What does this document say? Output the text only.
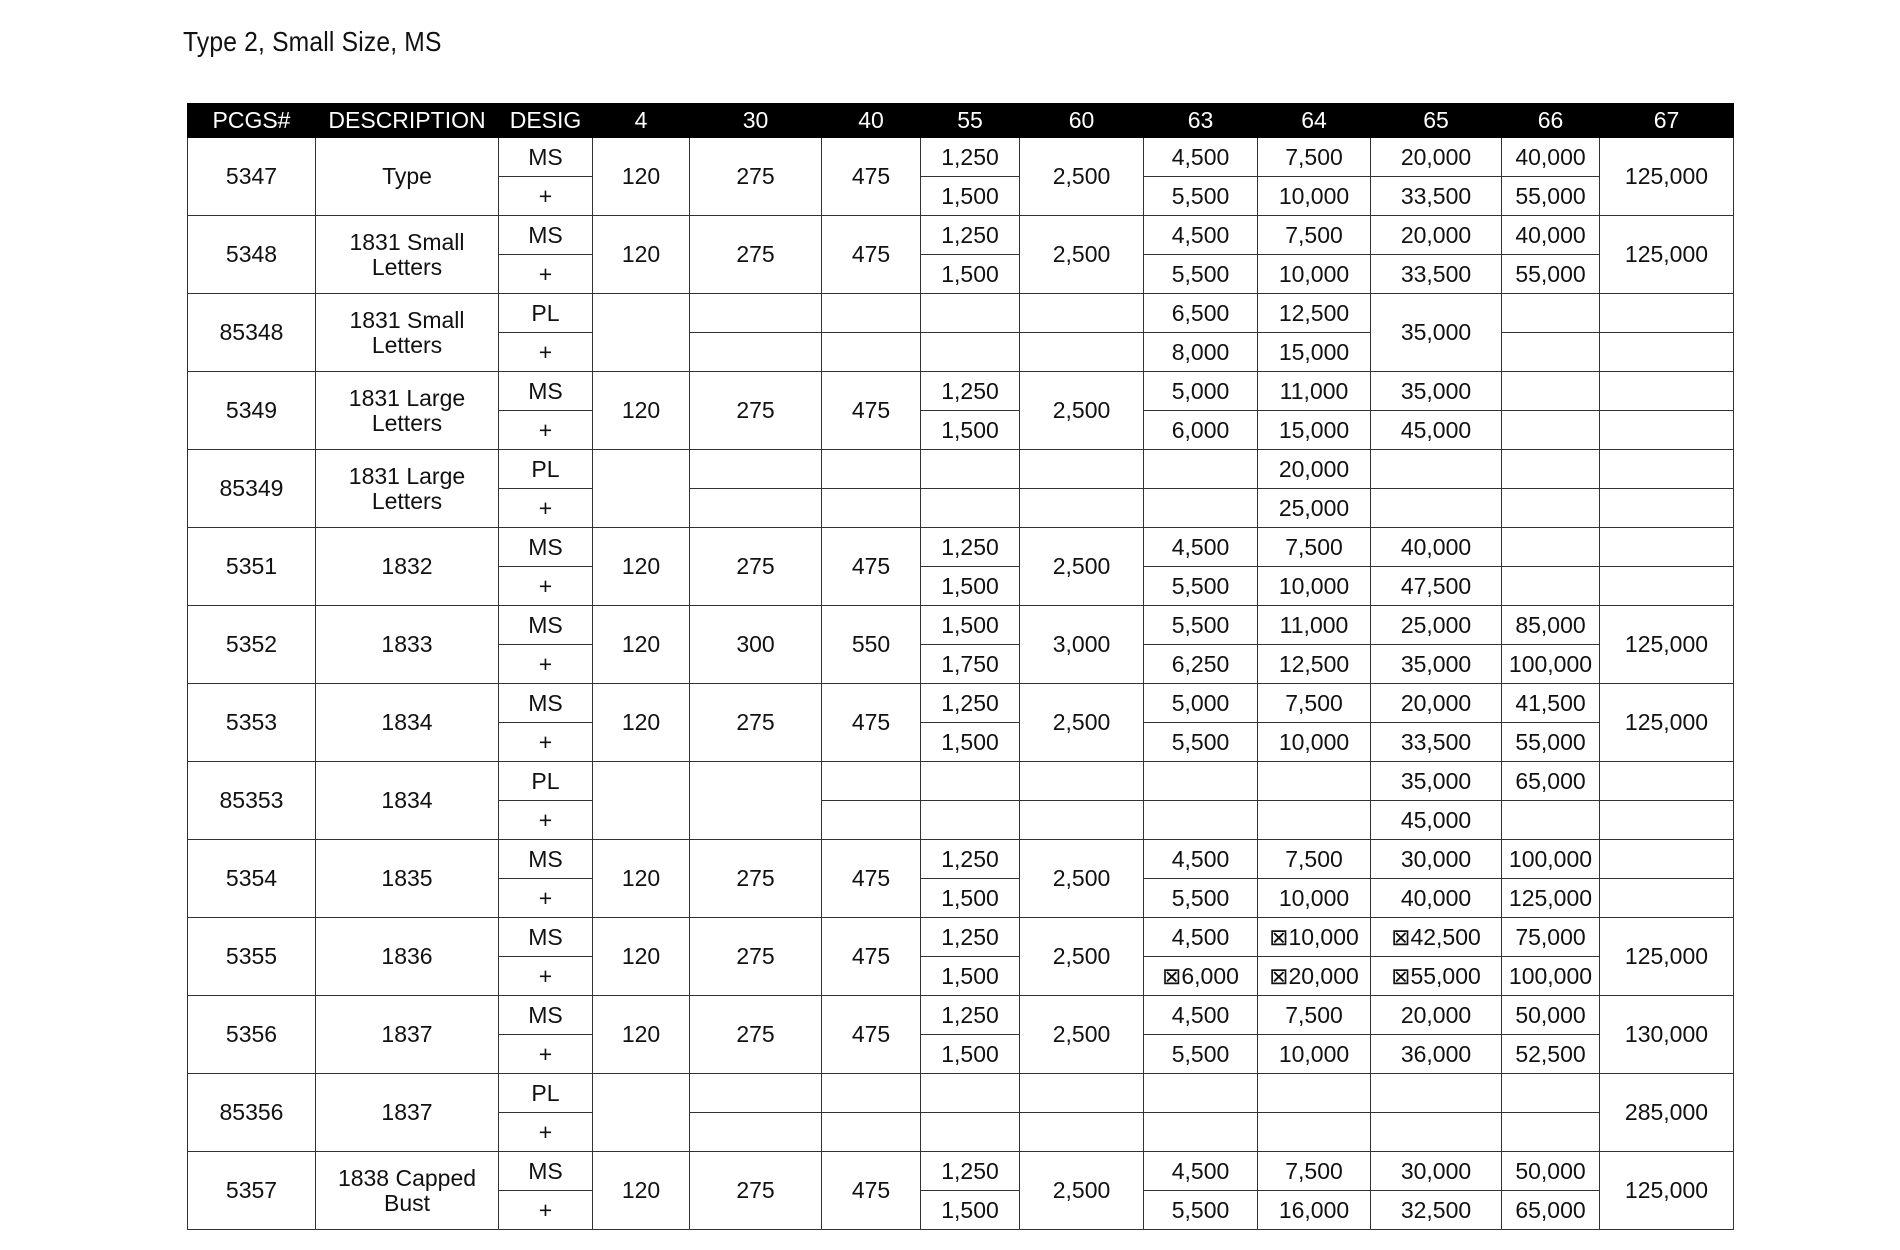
Type 2, Small Size, MS
PCGS#	DESCRIPTION	DESIG	4	30	40	55	60	63	64	65	66	67
5347	Type	MS	120	275	475	1,250	2,500	4,500	7,500	20,000	40,000	125,000
		+				1,500		5,500	10,000	33,500	55,000	
5348	1831 Small Letters	MS	120	275	475	1,250	2,500	4,500	7,500	20,000	40,000	125,000
		+				1,500		5,500	10,000	33,500	55,000	
85348	1831 Small Letters	PL						6,500	12,500	35,000		
		+						8,000	15,000			
5349	1831 Large Letters	MS	120	275	475	1,250	2,500	5,000	11,000	35,000		
		+				1,500		6,000	15,000	45,000		
85349	1831 Large Letters	PL							20,000			
		+							25,000			
5351	1832	MS	120	275	475	1,250	2,500	4,500	7,500	40,000		
		+				1,500		5,500	10,000	47,500		
5352	1833	MS	120	300	550	1,500	3,000	5,500	11,000	25,000	85,000	125,000
		+				1,750		6,250	12,500	35,000	100,000	
5353	1834	MS	120	275	475	1,250	2,500	5,000	7,500	20,000	41,500	125,000
		+				1,500		5,500	10,000	33,500	55,000	
85353	1834	PL								35,000	65,000	
		+								45,000		
5354	1835	MS	120	275	475	1,250	2,500	4,500	7,500	30,000	100,000	
		+				1,500		5,500	10,000	40,000	125,000	
5355	1836	MS	120	275	475	1,250	2,500	4,500	⊠10,000	⊠42,500	75,000	125,000
		+				1,500		⊠6,000	⊠20,000	⊠55,000	100,000	
5356	1837	MS	120	275	475	1,250	2,500	4,500	7,500	20,000	50,000	130,000
		+				1,500		5,500	10,000	36,000	52,500	
85356	1837	PL										285,000
		+										
5357	1838 Capped Bust	MS	120	275	475	1,250	2,500	4,500	7,500	30,000	50,000	125,000
		+				1,500		5,500	16,000	32,500	65,000	
